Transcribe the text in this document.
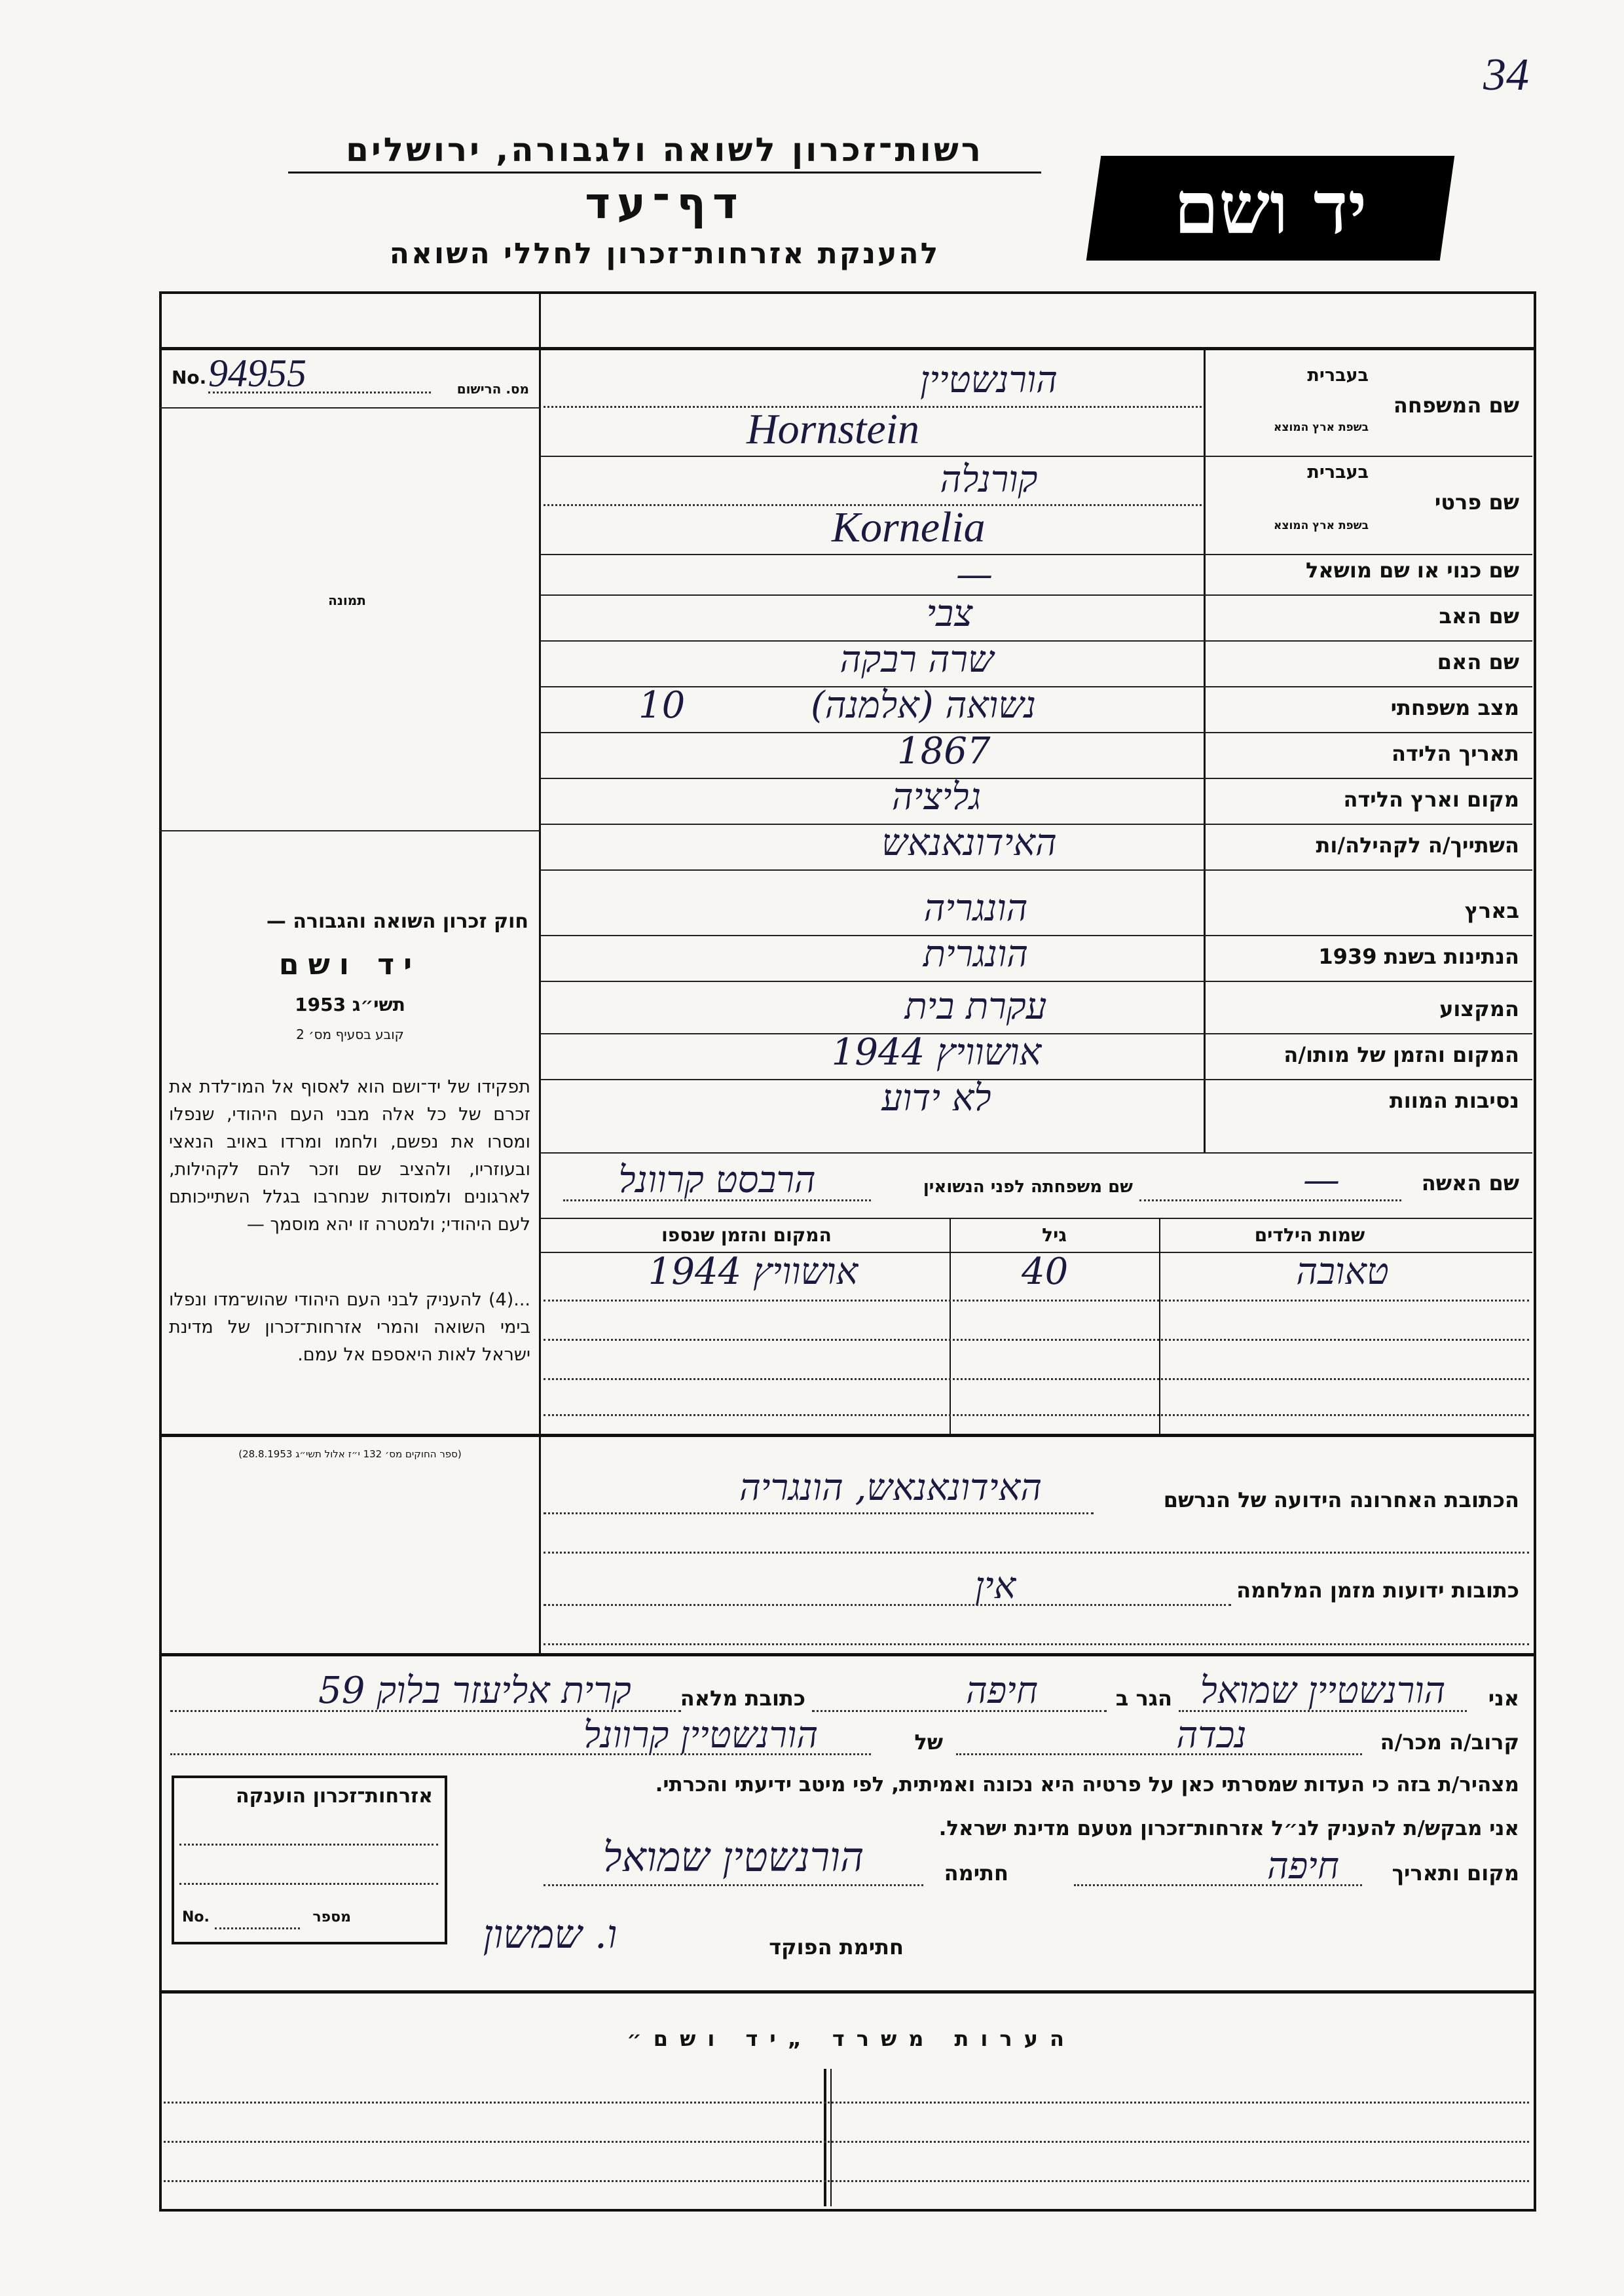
34
רשות־זכרון לשואה ולגבורה, ירושלים
דף־עד
להענקת אזרחות־זכרון לחללי השואה
יד ושם
No. 94955	מס. הרישום
תמונה
חוק זכרון השואה והגבורה —
יד ושם
תשי״ג 1953
קובע בסעיף מס׳ 2
תפקידו של יד־ושם הוא לאסוף אל המו־לדת את זכרם של כל אלה מבני העם היהודי, שנפלו ומסרו את נפשם, ולחמו ומרדו באויב הנאצי ובעוזריו, ולהציב שם וזכר להם לקהילות, לארגונים ולמוסדות שנחרבו בגלל השתייכותם לעם היהודי; ולמטרה זו יהא מוסמך —
...(4) להעניק לבני העם היהודי שהוש־מדו ונפלו בימי השואה והמרי אזרחות־זכרון של מדינת ישראל לאות היאספם אל עמם.
(ספר החוקים מס׳ 132 י״ז אלול תשי״ג 28.8.1953)
שם המשפחה
בעברית
בשפת ארץ המוצא
הורנשטיין
Hornstein
שם פרטי
בעברית
בשפת ארץ המוצא
קורנלה
Kornelia
שם כנוי או שם מושאל
—
שם האב
צבי
שם האם
שרה רבקה
מצב משפחתי
נשואה (אלמנה)
10
תאריך הלידה
1867
מקום וארץ הלידה
גליציה
השתייך/ה לקהילה/ות
האידונאנאש
בארץ
הונגריה
הנתינות בשנת 1939
הונגרית
המקצוע
עקרת בית
המקום והזמן של מותו/ה
אושוויץ 1944
נסיבות המוות
לא ידוע
שם האשה
—
שם משפחתה לפני הנשואין
הרבסט קרוונל
שמות הילדים
גיל
המקום והזמן שנספו
טאובה
40
אושוויץ 1944
הכתובת האחרונה הידועה של הנרשם
האידונאנאש, הונגריה
כתובות ידועות מזמן המלחמה
אין
אני
הורנשטיין שמואל
הגר ב
חיפה
כתובת מלאה
קרית אליעזר בלוק 59
קרוב/ה מכר/ה
נכדה
של
הורנשטיין קרוונל
מצהיר/ת בזה כי העדות שמסרתי כאן על פרטיה היא נכונה ואמיתית, לפי מיטב ידיעתי והכרתי.
אני מבקש/ת להעניק לנ״ל אזרחות־זכרון מטעם מדינת ישראל.
מקום ותאריך
חיפה
חתימה
הורנשטין שמואל
חתימת הפוקד
ו. שמשון
אזרחות־זכרון הוענקה
No.	מספר
הערות משרד „יד ושם״
